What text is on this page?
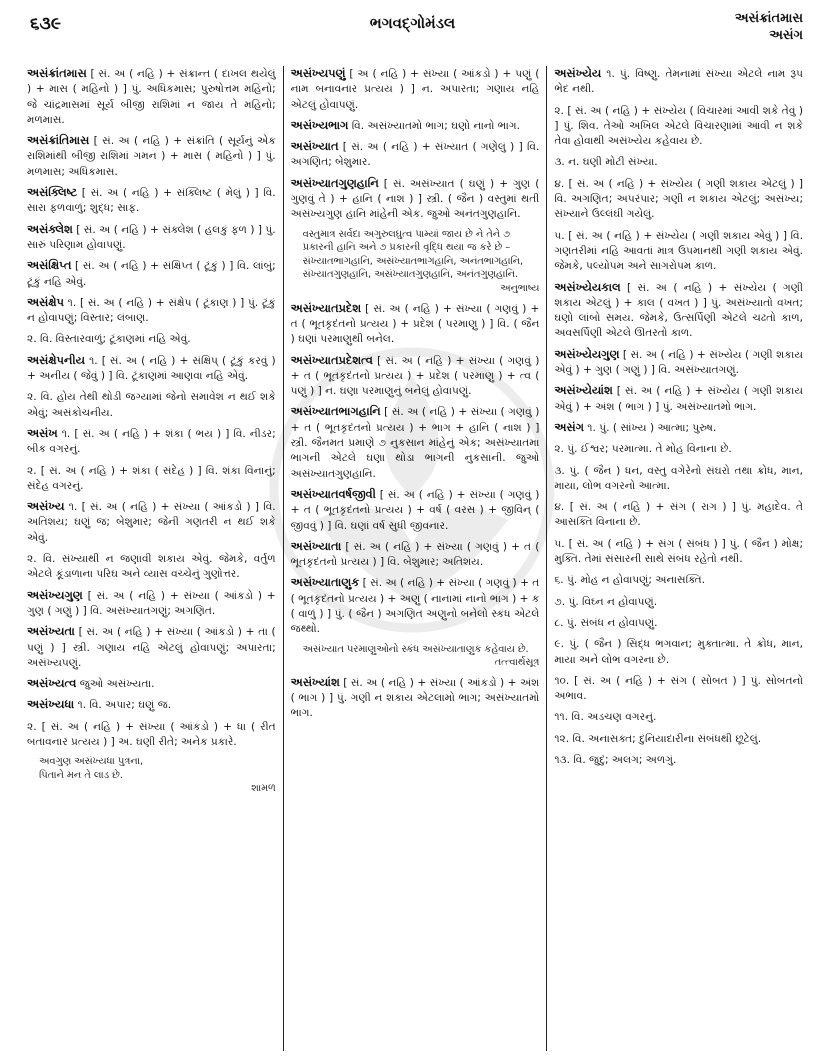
૬૩૯	ભગવદ્ગોમંડલ	અસંક્રાંતમાસ
અસંગ

અસંક્રાંતમાસ [ સં. અ ( નહિ ) + સંક્રાન્ત ( દાખલ થયેલું ) + માસ ( મહિનો ) ] પું. અધિકમાસ; પુરુષોત્તમ મહિનો; જે ચાંદ્રમાસમાં સૂર્ય બીજી રાશિમાં ન જાય તે મહિનો; મળમાસ.

અસંક્રાંતિમાસ [ સં. અ ( નહિ ) + સંક્રાંતિ ( સૂર્યનું એક રાશિમાંથી બીજી રાશિમાં ગમન ) + માસ ( મહિનો ) ] પું. મળમાસ; અધિકમાસ.

અસંક્લિષ્ટ [ સં. અ ( નહિ ) + સંક્લિષ્ટ ( મેલું ) ] વિ. સારા ફળવાળું; શુદ્ધ; સાફ.

અસંક્લેશ [ સં. અ ( નહિ ) + સંક્લેશ ( હલકું ફળ ) ] પું. સારું પરિણામ હોવાપણું.

અસંક્ષિપ્ત [ સં. અ ( નહિ ) + સંક્ષિપ્ત ( ટૂંકું ) ] વિ. લાંબું; ટૂંકું નહિ એવું.

અસંક્ષેપ ૧. [ સં. અ ( નહિ ) + સંક્ષેપ ( ટૂંકાણ ) ] પું. ટૂંકું ન હોવાપણું; વિસ્તાર; લંબાણ.

૨. વિ. વિસ્તારવાળું; ટૂંકાણમાં નહિ એવું.

અસંક્ષેપનીય ૧. [ સં. અ ( નહિ ) + સંક્ષિપ્ ( ટૂંકું કરવું ) + અનીય ( જેવું ) ] વિ. ટૂંકાણમાં આણવા નહિ એવું.

૨. વિ. હોય તેથી થોડી જગ્યામાં જેનો સમાવેશ ન થઈ શકે એવું; અસંકોચનીય.

અસંખ ૧. [ સં. અ ( નહિ ) + શંકા ( ભય ) ] વિ. નીડર; બીક વગરનું.

૨. [ સં. અ ( નહિ ) + શંકા ( સંદેહ ) ] વિ. શંકા વિનાનું; સંદેહ વગરનું.

અસંખ્ય ૧. [ સં. અ ( નહિ ) + સંખ્યા ( આંકડો ) ] વિ. અતિશય; ઘણું જ; બેશુમાર; જેની ગણતરી ન થઈ શકે એવું.

૨. વિ. સંખ્યાથી ન જણાવી શકાય એવું. જેમકે, વર્તુળ એટલે કૂંડાળાના પરિઘ અને વ્યાસ વચ્ચેનું ગુણોત્તર.

અસંખ્યગુણ [ સં. અ ( નહિ ) + સંખ્યા ( આંકડો ) + ગુણ ( ગણું ) ] વિ. અસંખ્યાતગણું; અગણિત.

અસંખ્યતા [ સં. અ ( નહિ ) + સંખ્યા ( આંકડો ) + તા ( પણું ) ] સ્ત્રી. ગણાય નહિ એટલું હોવાપણું; અપારતા; અસંખ્યપણું.

અસંખ્યત્વ જુઓ અસંખ્યતા.

અસંખ્યધા ૧. વિ. અપાર; ઘણું જ.

૨. [ સં. અ ( નહિ ) + સંખ્યા ( આંકડો ) + ધા ( રીત બતાવનાર પ્રત્યય ) ] અ. ઘણી રીતે; અનેક પ્રકારે.

અવગુણ અસંખ્યધા પુત્રના,
પિતાને મન તે લાડ છે.
શામળ

અસંખ્યપણું [ અ ( નહિ ) + સંખ્યા ( આંકડો ) + પણું ( નામ બનાવનાર પ્રત્યય ) ] ન. અપારતા; ગણાય નહિ એટલું હોવાપણું.

અસંખ્યભાગ વિ. અસંખ્યાતમો ભાગ; ઘણો નાનો ભાગ.

અસંખ્યાત [ સં. અ ( નહિ ) + સંખ્યાત ( ગણેલું ) ] વિ. અગણિત; બેશુમાર.

અસંખ્યાતગુણહાનિ [ સં. અસંખ્યાત ( ઘણું ) + ગુણ ( ગુણવું તે ) + હાનિ ( નાશ ) ] સ્ત્રી. ( જૈન ) વસ્તુમાં થતી અસંખ્યગુણ હાનિ માંહેની એક. જુઓ અનંતગુણહાનિ.

વસ્તુમાત્ર સર્વદા અગુરુલઘુત્વ પામ્યાં જાય છે ને તેને ૭ પ્રકારની હાનિ અને ૭ પ્રકારની વૃદ્ધિ થયા જ કરે છે – સંખ્યાતભાગહાનિ, અસંખ્યાતભાગહાનિ, અનંતભાગહાનિ, સંખ્યાતગુણહાનિ, અસંખ્યાતગુણહાનિ, અનંતગુણહાનિ.
અનુભાષ્ય

અસંખ્યાતપ્રદેશ [ સં. અ ( નહિ ) + સંખ્યા ( ગણવું ) + ત ( ભૂતકૃદંતનો પ્રત્યય ) + પ્રદેશ ( પરમાણુ ) ] વિ. ( જૈન ) ઘણાં પરમાણુથી બનેલ.

અસંખ્યાતપ્રદેશત્વ [ સં. અ ( નહિ ) + સંખ્યા ( ગણવું ) + ત ( ભૂતકૃદંતનો પ્રત્યય ) + પ્રદેશ ( પરમાણુ ) + ત્વ ( પણું ) ] ન. ઘણા પરમાણુનું બનેલું હોવાપણું.

અસંખ્યાતભાગહાનિ [ સં. અ ( નહિ ) + સંખ્યા ( ગણવું ) + ત ( ભૂતકૃદંતનો પ્રત્યય ) + ભાગ + હાનિ ( નાશ ) ] સ્ત્રી. જૈનમત પ્રમાણે ૭ નુકસાન માંહેનું એક; અસંખ્યાતમા ભાગની એટલે ઘણા થોડા ભાગની નુકસાની. જુઓ અસંખ્યાતગુણહાનિ.

અસંખ્યાતવર્ષજીવી [ સં. અ ( નહિ ) + સંખ્યા ( ગણવું ) + ત ( ભૂતકૃદંતનો પ્રત્યય ) + વર્ષ ( વરસ ) + જીવિન્ ( જીવવું ) ] વિ. ઘણાં વર્ષ સુધી જીવનાર.

અસંખ્યાતા [ સં. અ ( નહિ ) + સંખ્યા ( ગણવું ) + ત ( ભૂતકૃદંતનો પ્રત્યય ) ] વિ. બેશુમાર; અતિશય.

અસંખ્યાતાણુક [ સં. અ ( નહિ ) + સંખ્યા ( ગણવું ) + ત ( ભૂતકૃદંતનો પ્રત્યય ) + અણુ ( નાનામાં નાનો ભાગ ) + ક ( વાળું ) ] પું. ( જૈન ) અગણિત અણુનો બનેલો સ્કંધ એટલે જથ્થો.

અસંખ્યાત પરમાણુઓનો સ્કંધ અસંખ્યાતાણુક કહેવાય છે.
તત્ત્વાર્થસૂત્ર

અસંખ્યાંશ [ સં. અ ( નહિ ) + સંખ્યા ( આંકડો ) + અંશ ( ભાગ ) ] પું. ગણી ન શકાય એટલામો ભાગ; અસંખ્યાતમો ભાગ.

અસંખ્યેય ૧. પું. વિષ્ણુ. તેમનામાં સંખ્યા એટલે નામ રૂપ ભેદ નથી.

૨. [ સં. અ ( નહિ ) + સંખ્યેય ( વિચારમાં આવી શકે તેવું ) ] પું. શિવ. તેઓ અખિલ એટલે વિચારણામાં આવી ન શકે તેવા હોવાથી અસંખ્યેય કહેવાય છે.

૩. ન. ઘણી મોટી સંખ્યા.

૪. [ સં. અ ( નહિ ) + સંખ્યેય ( ગણી શકાય એટલું ) ] વિ. અગણિત; અપરંપાર; ગણી ન શકાય એટલું; અસંખ્ય; સંખ્યાને ઉલ્લંઘી ગયેલું.

૫. [ સં. અ ( નહિ ) + સંખ્યેય ( ગણી શકાય એવું ) ] વિ. ગણતરીમાં નહિ આવતાં માત્ર ઉપમાનથી ગણી શકાય એવું. જેમકે, પલ્યોપમ અને સાગરોપમ કાળ.

અસંખ્યેયકાલ [ સં. અ ( નહિ ) + સંખ્યેય ( ગણી શકાય એટલું ) + કાલ ( વખત ) ] પું. અસંખ્યાતો વખત; ઘણો લાંબો સમય. જેમકે, ઉત્સર્પિણી એટલે ચઢતો કાળ, અવસર્પિણી એટલે ઊતરતો કાળ.

અસંખ્યેયગુણ [ સં. અ ( નહિ ) + સંખ્યેય ( ગણી શકાય એવું ) + ગુણ ( ગણું ) ] વિ. અસંખ્યાતગણું.

અસંખ્યેયાંશ [ સં. અ ( નહિ ) + સંખ્યેય ( ગણી શકાય એવું ) + અંશ ( ભાગ ) ] પું. અસંખ્યાતમો ભાગ.

અસંગ ૧. પું. ( સાંખ્ય ) આત્મા; પુરુષ.

૨. પું. ઈશ્વર; પરમાત્મા. તે મોહ વિનાના છે.

૩. પું. ( જૈન ) ધન, વસ્તુ વગેરેનો સંઘરો તથા ક્રોધ, માન, માયા, લોભ વગરનો આત્મા.

૪. [ સં. અ ( નહિ ) + સંગ ( રાગ ) ] પું. મહાદેવ. તે આસક્તિ વિનાના છે.

૫. [ સં. અ ( નહિ ) + સંગ ( સંબંધ ) ] પું. ( જૈન ) મોક્ષ; મુક્તિ. તેમાં સંસારની સાથે સંબંધ રહેતો નથી.

૬. પું. મોહ ન હોવાપણું; અનાસક્તિ.

૭. પું. વિઘ્ન ન હોવાપણું.

૮. પું. સંબંધ ન હોવાપણું.

૯. પું. ( જૈન ) સિદ્ધ ભગવાન; મુક્તાત્મા. તે ક્રોધ, માન, માયા અને લોભ વગરના છે.

૧૦. [ સં. અ ( નહિ ) + સંગ ( સોબત ) ] પું. સોબતનો અભાવ.

૧૧. વિ. અડચણ વગરનું.

૧૨. વિ. અનાસક્ત; દુનિયાદારીના સંબંધથી છૂટેલું.

૧૩. વિ. જુદું; અલગ; અળગું.
